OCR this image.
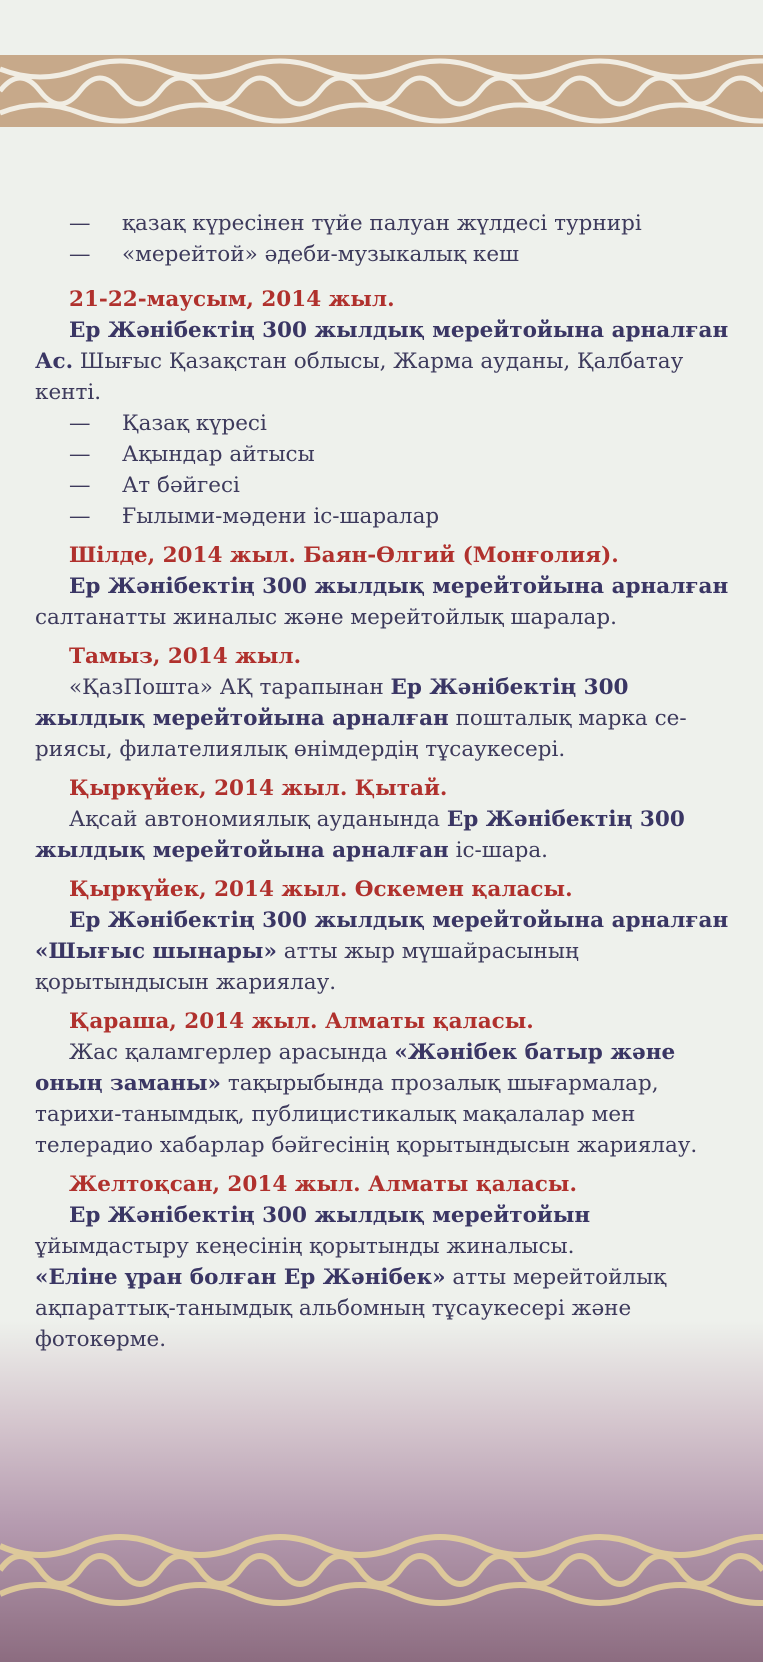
—	қазақ күресінен түйе палуан жүлдесі турнирі
—	«мерейтой» әдеби-музыкалық кеш
21-22-маусым, 2014 жыл.
Ер Жәнібектің 300 жылдық мерейтойына арналған Ас. Шығыс Қазақстан облысы, Жарма ауданы, Қалбатау кенті.
—	Қазақ күресі
—	Ақындар айтысы
—	Ат бәйгесі
—	Ғылыми-мәдени іс-шаралар
Шілде, 2014 жыл. Баян-Өлгий (Монғолия).
Ер Жәнібектің 300 жылдық мерейтойына арналған салтанатты жиналыс және мерейтойлық шаралар.
Тамыз, 2014 жыл.
«ҚазПошта» АҚ тарапынан Ер Жәнібектің 300 жылдық мерейтойына арналған пошталық марка се-риясы, филателиялық өнімдердің тұсаукесері.
Қыркүйек, 2014 жыл. Қытай.
Ақсай автономиялық ауданында Ер Жәнібектің 300 жылдық мерейтойына арналған іс-шара.
Қыркүйек, 2014 жыл. Өскемен қаласы.
Ер Жәнібектің 300 жылдық мерейтойына арналған «Шығыс шынары» атты жыр мүшайрасының қорытындысын жариялау.
Қараша, 2014 жыл. Алматы қаласы.
Жас қаламгерлер арасында «Жәнібек батыр және оның заманы» тақырыбында прозалық шығармалар, тарихи-танымдық, публицистикалық мақалалар мен телерадио хабарлар бәйгесінің қорытындысын жариялау.
Желтоқсан, 2014 жыл. Алматы қаласы.
Ер Жәнібектің 300 жылдық мерейтойын ұйымдастыру кеңесінің қорытынды жиналысы.
«Еліне ұран болған Ер Жәнібек» атты мерейтойлық ақпараттық-танымдық альбомның тұсаукесері және фотокөрме.
